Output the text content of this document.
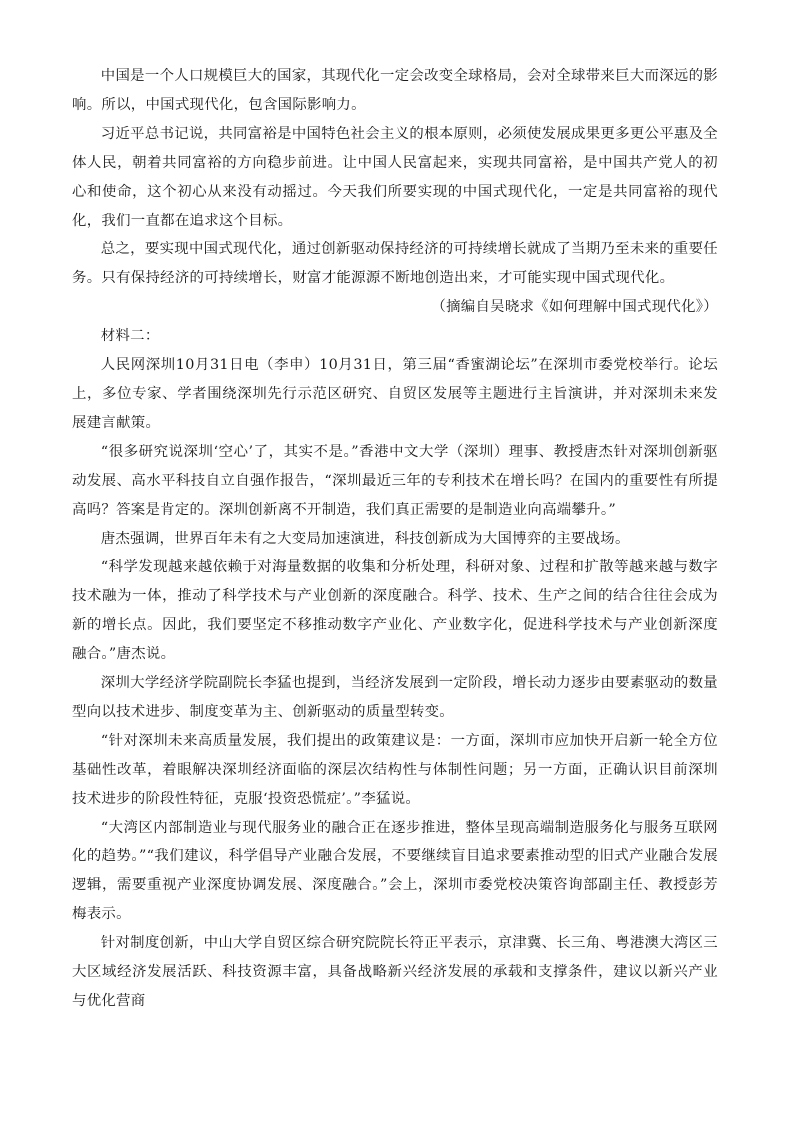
中国是一个人口规模巨大的国家，其现代化一定会改变全球格局，会对全球带来巨大而深远的影响。所以，中国式现代化，包含国际影响力。

习近平总书记说，共同富裕是中国特色社会主义的根本原则，必须使发展成果更多更公平惠及全体人民，朝着共同富裕的方向稳步前进。让中国人民富起来，实现共同富裕，是中国共产党人的初心和使命，这个初心从来没有动摇过。今天我们所要实现的中国式现代化，一定是共同富裕的现代化，我们一直都在追求这个目标。

总之，要实现中国式现代化，通过创新驱动保持经济的可持续增长就成了当期乃至未来的重要任务。只有保持经济的可持续增长，财富才能源源不断地创造出来，才可能实现中国式现代化。

（摘编自吴晓求《如何理解中国式现代化》）

材料二：

人民网深圳10月31日电（李申）10月31日，第三届“香蜜湖论坛”在深圳市委党校举行。论坛上，多位专家、学者围绕深圳先行示范区研究、自贸区发展等主题进行主旨演讲，并对深圳未来发展建言献策。

“很多研究说深圳‘空心’了，其实不是。”香港中文大学（深圳）理事、教授唐杰针对深圳创新驱动发展、高水平科技自立自强作报告，“深圳最近三年的专利技术在增长吗？在国内的重要性有所提高吗？答案是肯定的。深圳创新离不开制造，我们真正需要的是制造业向高端攀升。”

唐杰强调，世界百年未有之大变局加速演进，科技创新成为大国博弈的主要战场。

“科学发现越来越依赖于对海量数据的收集和分析处理，科研对象、过程和扩散等越来越与数字技术融为一体，推动了科学技术与产业创新的深度融合。科学、技术、生产之间的结合往往会成为新的增长点。因此，我们要坚定不移推动数字产业化、产业数字化，促进科学技术与产业创新深度融合。”唐杰说。

深圳大学经济学院副院长李猛也提到，当经济发展到一定阶段，增长动力逐步由要素驱动的数量型向以技术进步、制度变革为主、创新驱动的质量型转变。

“针对深圳未来高质量发展，我们提出的政策建议是：一方面，深圳市应加快开启新一轮全方位基础性改革，着眼解决深圳经济面临的深层次结构性与体制性问题；另一方面，正确认识目前深圳技术进步的阶段性特征，克服‘投资恐慌症’。”李猛说。

“大湾区内部制造业与现代服务业的融合正在逐步推进，整体呈现高端制造服务化与服务互联网化的趋势。”“我们建议，科学倡导产业融合发展，不要继续盲目追求要素推动型的旧式产业融合发展逻辑，需要重视产业深度协调发展、深度融合。”会上，深圳市委党校决策咨询部副主任、教授彭芳梅表示。

针对制度创新，中山大学自贸区综合研究院院长符正平表示，京津冀、长三角、粤港澳大湾区三大区域经济发展活跃、科技资源丰富，具备战略新兴经济发展的承载和支撑条件，建议以新兴产业与优化营商
